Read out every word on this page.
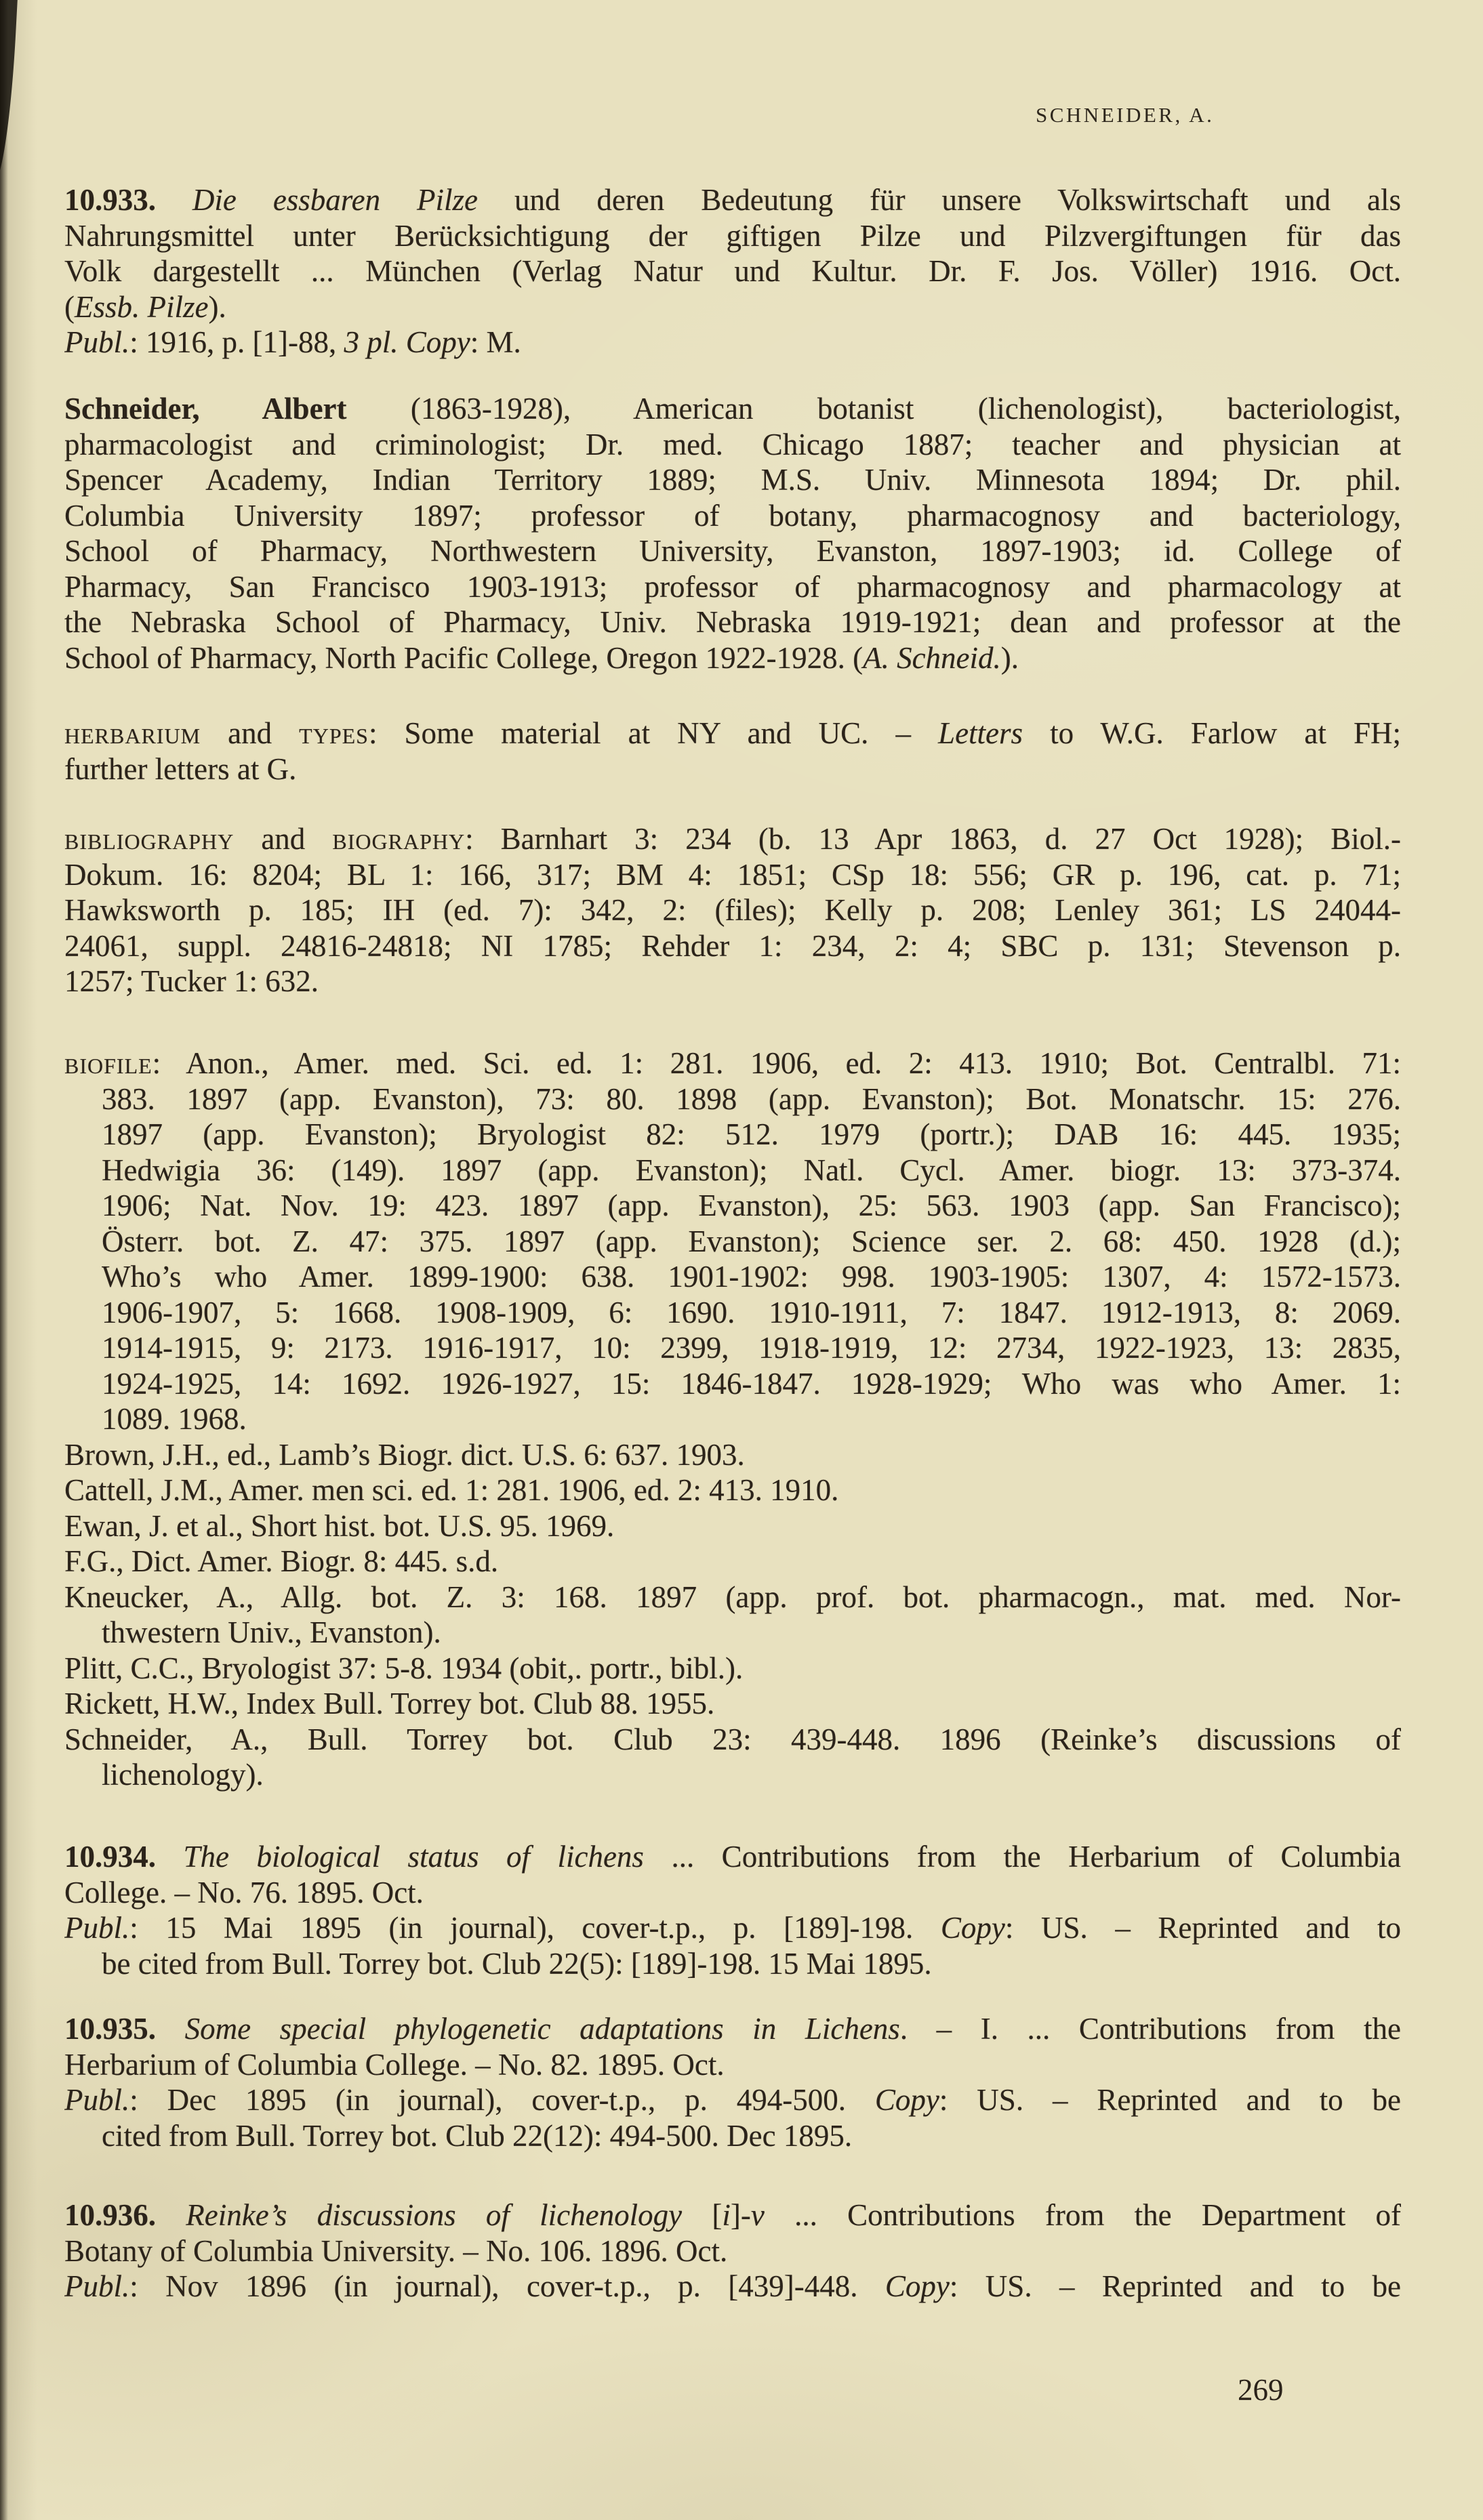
SCHNEIDER, A.
10.933. Die essbaren Pilze und deren Bedeutung für unsere Volkswirtschaft und als
Nahrungsmittel unter Berücksichtigung der giftigen Pilze und Pilzvergiftungen für das
Volk dargestellt ... München (Verlag Natur und Kultur. Dr. F. Jos. Völler) 1916. Oct.
(Essb. Pilze).
Publ.: 1916, p. [1]-88, 3 pl. Copy: M.
Schneider, Albert (1863-1928), American botanist (lichenologist), bacteriologist,
pharmacologist and criminologist; Dr. med. Chicago 1887; teacher and physician at
Spencer Academy, Indian Territory 1889; M.S. Univ. Minnesota 1894; Dr. phil.
Columbia University 1897; professor of botany, pharmacognosy and bacteriology,
School of Pharmacy, Northwestern University, Evanston, 1897-1903; id. College of
Pharmacy, San Francisco 1903-1913; professor of pharmacognosy and pharmacology at
the Nebraska School of Pharmacy, Univ. Nebraska 1919-1921; dean and professor at the
School of Pharmacy, North Pacific College, Oregon 1922-1928. (A. Schneid.).
herbarium and types: Some material at NY and UC. – Letters to W.G. Farlow at FH;
further letters at G.
bibliography and biography: Barnhart 3: 234 (b. 13 Apr 1863, d. 27 Oct 1928); Biol.-
Dokum. 16: 8204; BL 1: 166, 317; BM 4: 1851; CSp 18: 556; GR p. 196, cat. p. 71;
Hawksworth p. 185; IH (ed. 7): 342, 2: (files); Kelly p. 208; Lenley 361; LS 24044-
24061, suppl. 24816-24818; NI 1785; Rehder 1: 234, 2: 4; SBC p. 131; Stevenson p.
1257; Tucker 1: 632.
biofile: Anon., Amer. med. Sci. ed. 1: 281. 1906, ed. 2: 413. 1910; Bot. Centralbl. 71:
383. 1897 (app. Evanston), 73: 80. 1898 (app. Evanston); Bot. Monatschr. 15: 276.
1897 (app. Evanston); Bryologist 82: 512. 1979 (portr.); DAB 16: 445. 1935;
Hedwigia 36: (149). 1897 (app. Evanston); Natl. Cycl. Amer. biogr. 13: 373-374.
1906; Nat. Nov. 19: 423. 1897 (app. Evanston), 25: 563. 1903 (app. San Francisco);
Österr. bot. Z. 47: 375. 1897 (app. Evanston); Science ser. 2. 68: 450. 1928 (d.);
Who’s who Amer. 1899-1900: 638. 1901-1902: 998. 1903-1905: 1307, 4: 1572-1573.
1906-1907, 5: 1668. 1908-1909, 6: 1690. 1910-1911, 7: 1847. 1912-1913, 8: 2069.
1914-1915, 9: 2173. 1916-1917, 10: 2399, 1918-1919, 12: 2734, 1922-1923, 13: 2835,
1924-1925, 14: 1692. 1926-1927, 15: 1846-1847. 1928-1929; Who was who Amer. 1:
1089. 1968.
Brown, J.H., ed., Lamb’s Biogr. dict. U.S. 6: 637. 1903.
Cattell, J.M., Amer. men sci. ed. 1: 281. 1906, ed. 2: 413. 1910.
Ewan, J. et al., Short hist. bot. U.S. 95. 1969.
F.G., Dict. Amer. Biogr. 8: 445. s.d.
Kneucker, A., Allg. bot. Z. 3: 168. 1897 (app. prof. bot. pharmacogn., mat. med. Nor-
thwestern Univ., Evanston).
Plitt, C.C., Bryologist 37: 5-8. 1934 (obit,. portr., bibl.).
Rickett, H.W., Index Bull. Torrey bot. Club 88. 1955.
Schneider, A., Bull. Torrey bot. Club 23: 439-448. 1896 (Reinke’s discussions of
lichenology).
10.934. The biological status of lichens ... Contributions from the Herbarium of Columbia
College. – No. 76. 1895. Oct.
Publ.: 15 Mai 1895 (in journal), cover-t.p., p. [189]-198. Copy: US. – Reprinted and to
be cited from Bull. Torrey bot. Club 22(5): [189]-198. 15 Mai 1895.
10.935. Some special phylogenetic adaptations in Lichens. – I. ... Contributions from the
Herbarium of Columbia College. – No. 82. 1895. Oct.
Publ.: Dec 1895 (in journal), cover-t.p., p. 494-500. Copy: US. – Reprinted and to be
cited from Bull. Torrey bot. Club 22(12): 494-500. Dec 1895.
10.936. Reinke’s discussions of lichenology [i]-v ... Contributions from the Department of
Botany of Columbia University. – No. 106. 1896. Oct.
Publ.: Nov 1896 (in journal), cover-t.p., p. [439]-448. Copy: US. – Reprinted and to be
269
